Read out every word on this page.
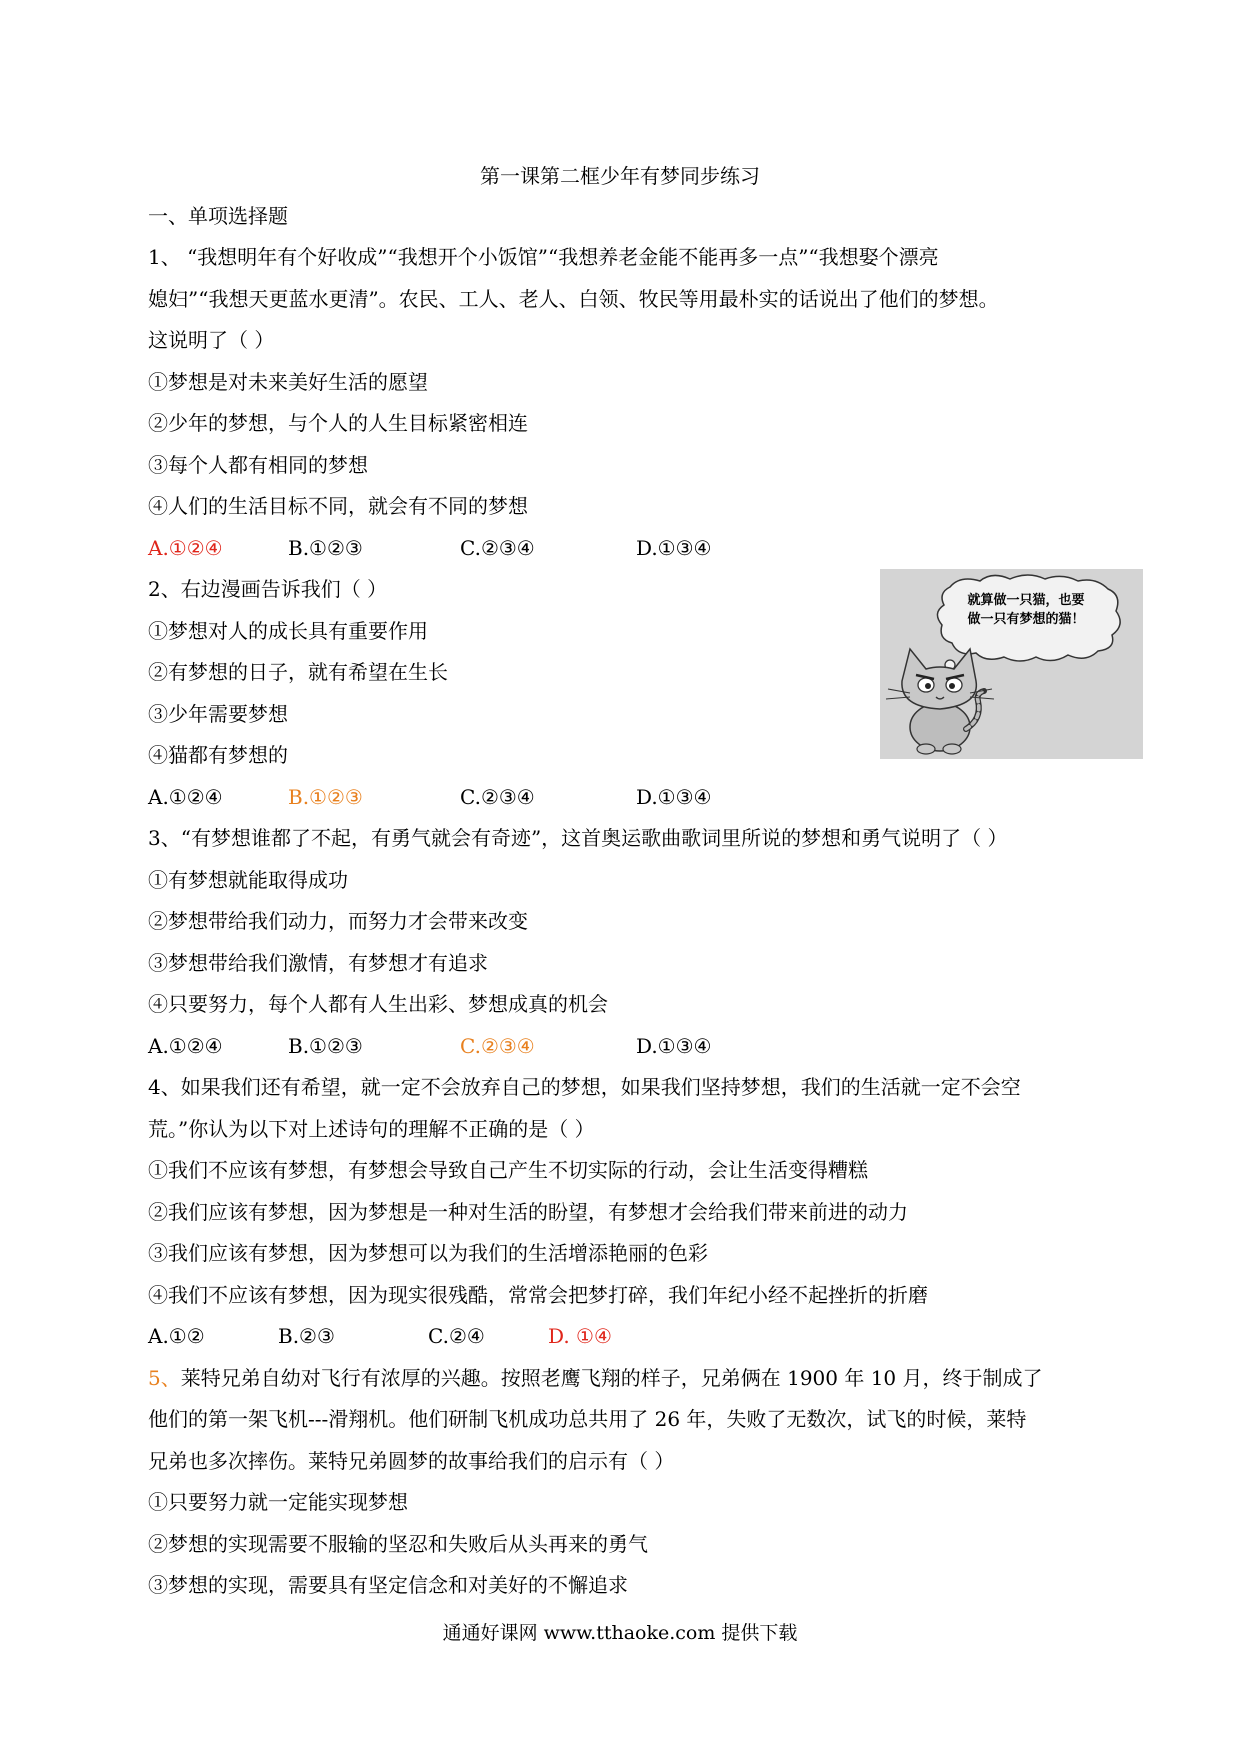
第一课第二框少年有梦同步练习
一、单项选择题
1、 “我想明年有个好收成”“我想开个小饭馆”“我想养老金能不能再多一点”“我想娶个漂亮
媳妇”“我想天更蓝水更清”。农民、工人、老人、白领、牧民等用最朴实的话说出了他们的梦想。
这说明了（ ）
①梦想是对未来美好生活的愿望
②少年的梦想，与个人的人生目标紧密相连
③每个人都有相同的梦想
④人们的生活目标不同，就会有不同的梦想
A.①②④	B.①②③	C.②③④	D.①③④
2、右边漫画告诉我们（ ）
①梦想对人的成长具有重要作用
②有梦想的日子，就有希望在生长
③少年需要梦想
④猫都有梦想的
A.①②④	B.①②③	C.②③④	D.①③④
就算做一只猫，也要
做一只有梦想的猫！
3、“有梦想谁都了不起，有勇气就会有奇迹”，这首奥运歌曲歌词里所说的梦想和勇气说明了（ ）
①有梦想就能取得成功
②梦想带给我们动力，而努力才会带来改变
③梦想带给我们激情，有梦想才有追求
④只要努力，每个人都有人生出彩、梦想成真的机会
A.①②④	B.①②③	C.②③④	D.①③④
4、如果我们还有希望，就一定不会放弃自己的梦想，如果我们坚持梦想，我们的生活就一定不会空
荒。”你认为以下对上述诗句的理解不正确的是（ ）
①我们不应该有梦想，有梦想会导致自己产生不切实际的行动，会让生活变得糟糕
②我们应该有梦想，因为梦想是一种对生活的盼望，有梦想才会给我们带来前进的动力
③我们应该有梦想，因为梦想可以为我们的生活增添艳丽的色彩
④我们不应该有梦想，因为现实很残酷，常常会把梦打碎，我们年纪小经不起挫折的折磨
A.①②	B.②③	C.②④	D. ①④
5、莱特兄弟自幼对飞行有浓厚的兴趣。按照老鹰飞翔的样子，兄弟俩在 1900 年 10 月，终于制成了
他们的第一架飞机---滑翔机。他们研制飞机成功总共用了 26 年，失败了无数次，试飞的时候，莱特
兄弟也多次摔伤。莱特兄弟圆梦的故事给我们的启示有（ ）
①只要努力就一定能实现梦想
②梦想的实现需要不服输的坚忍和失败后从头再来的勇气
③梦想的实现，需要具有坚定信念和对美好的不懈追求
通通好课网 www.tthaoke.com 提供下载
